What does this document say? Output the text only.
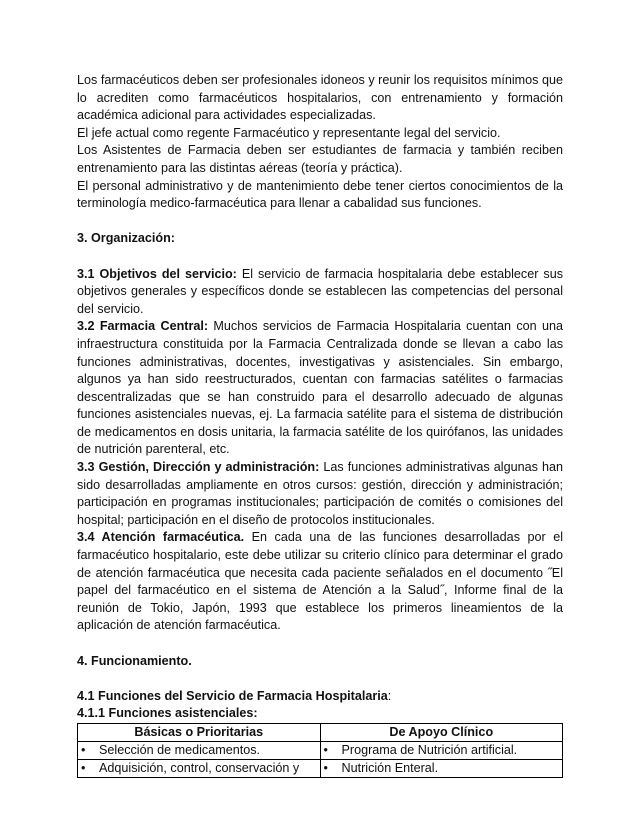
Los farmacéuticos deben ser profesionales idoneos y reunir los requisitos mínimos que lo acrediten como farmacéuticos hospitalarios, con entrenamiento y formación académica adicional para actividades especializadas.

El jefe actual como regente Farmacéutico y representante legal del servicio.

Los Asistentes de Farmacia deben ser estudiantes de farmacia y también reciben entrenamiento para las distintas aéreas (teoría y práctica).

El personal administrativo y de mantenimiento debe tener ciertos conocimientos de la terminología medico-farmacéutica para llenar a cabalidad sus funciones.

3. Organización:

3.1 Objetivos del servicio: El servicio de farmacia hospitalaria debe establecer sus objetivos generales y específicos donde se establecen las competencias del personal del servicio.

3.2 Farmacia Central: Muchos servicios de Farmacia Hospitalaria cuentan con una infraestructura constituida por la Farmacia Centralizada donde se llevan a cabo las funciones administrativas, docentes, investigativas y asistenciales. Sin embargo, algunos ya han sido reestructurados, cuentan con farmacias satélites o farmacias descentralizadas que se han construido para el desarrollo adecuado de algunas funciones asistenciales nuevas, ej. La farmacia satélite para el sistema de distribución de medicamentos en dosis unitaria, la farmacia satélite de los quirófanos, las unidades de nutrición parenteral, etc.

3.3 Gestión, Dirección y administración: Las funciones administrativas algunas han sido desarrolladas ampliamente en otros cursos: gestión, dirección y administración; participación en programas institucionales; participación de comités o comisiones del hospital; participación en el diseño de protocolos institucionales.

3.4 Atención farmacéutica. En cada una de las funciones desarrolladas por el farmacéutico hospitalario, este debe utilizar su criterio clínico para determinar el grado de atención farmacéutica que necesita cada paciente señalados en el documento ˝El papel del farmacéutico en el sistema de Atención a la Salud˝, Informe final de la reunión de Tokio, Japón, 1993 que establece los primeros lineamientos de la aplicación de atención farmacéutica.

4. Funcionamiento.

4.1 Funciones del Servicio de Farmacia Hospitalaria:

4.1.1 Funciones asistenciales:

Básicas o Prioritarias	De Apoyo Clínico

• Selección de medicamentos.	• Programa de Nutrición artificial.

• Adquisición, control, conservación y	• Nutrición Enteral.
